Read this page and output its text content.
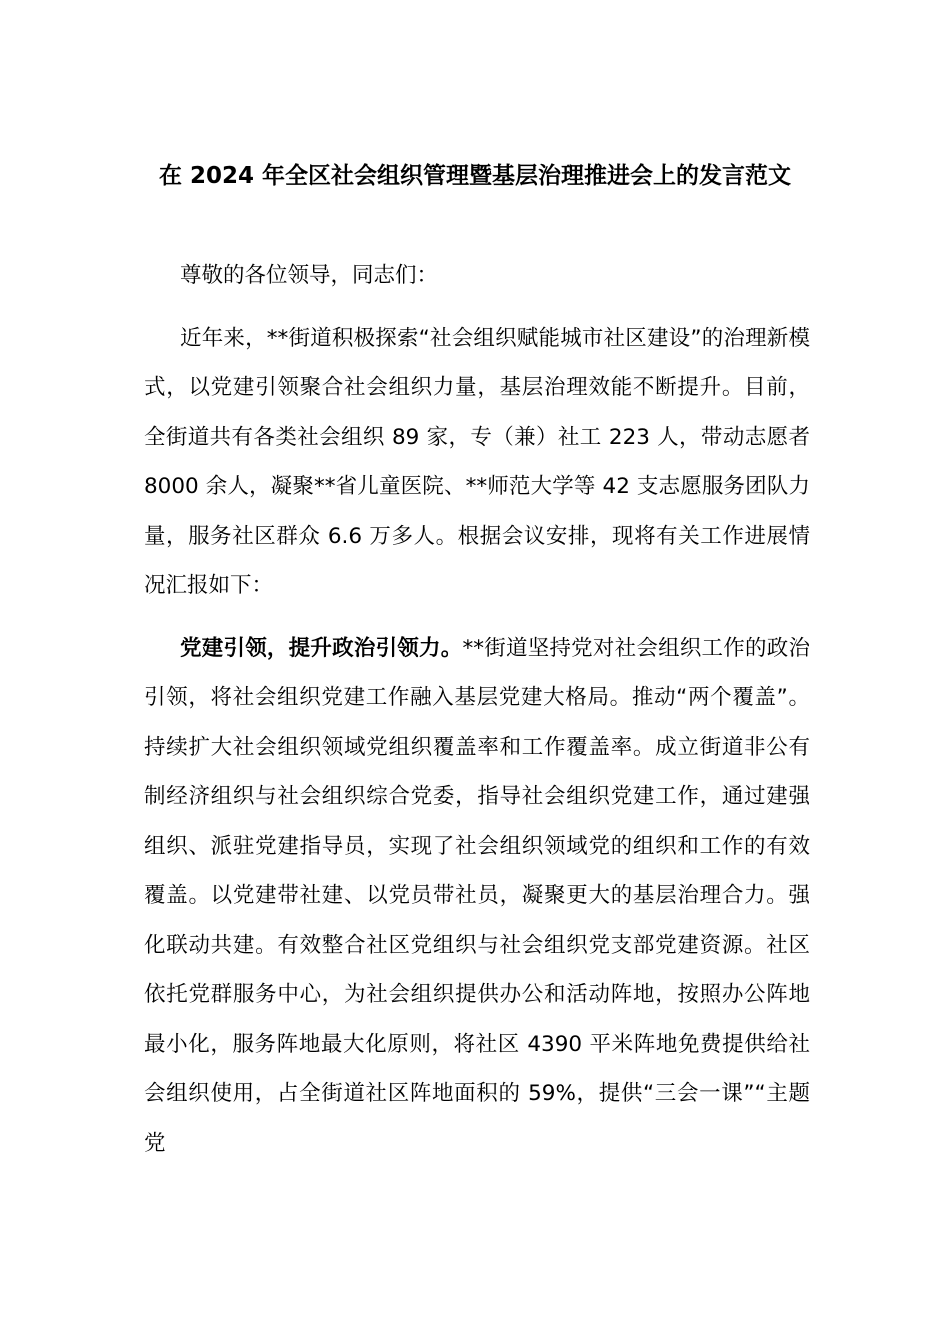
在 2024 年全区社会组织管理暨基层治理推进会上的发言范文

尊敬的各位领导，同志们：

近年来，**街道积极探索“社会组织赋能城市社区建设”的治理新模式，以党建引领聚合社会组织力量，基层治理效能不断提升。目前，全街道共有各类社会组织 89 家，专（兼）社工 223 人，带动志愿者 8000 余人，凝聚**省儿童医院、**师范大学等 42 支志愿服务团队力量，服务社区群众 6.6 万多人。根据会议安排，现将有关工作进展情况汇报如下：

党建引领，提升政治引领力。**街道坚持党对社会组织工作的政治引领，将社会组织党建工作融入基层党建大格局。推动“两个覆盖”。持续扩大社会组织领域党组织覆盖率和工作覆盖率。成立街道非公有制经济组织与社会组织综合党委，指导社会组织党建工作，通过建强组织、派驻党建指导员，实现了社会组织领域党的组织和工作的有效覆盖。以党建带社建、以党员带社员，凝聚更大的基层治理合力。强化联动共建。有效整合社区党组织与社会组织党支部党建资源。社区依托党群服务中心，为社会组织提供办公和活动阵地，按照办公阵地最小化，服务阵地最大化原则，将社区 4390 平米阵地免费提供给社会组织使用，占全街道社区阵地面积的 59%，提供“三会一课”“主题党
